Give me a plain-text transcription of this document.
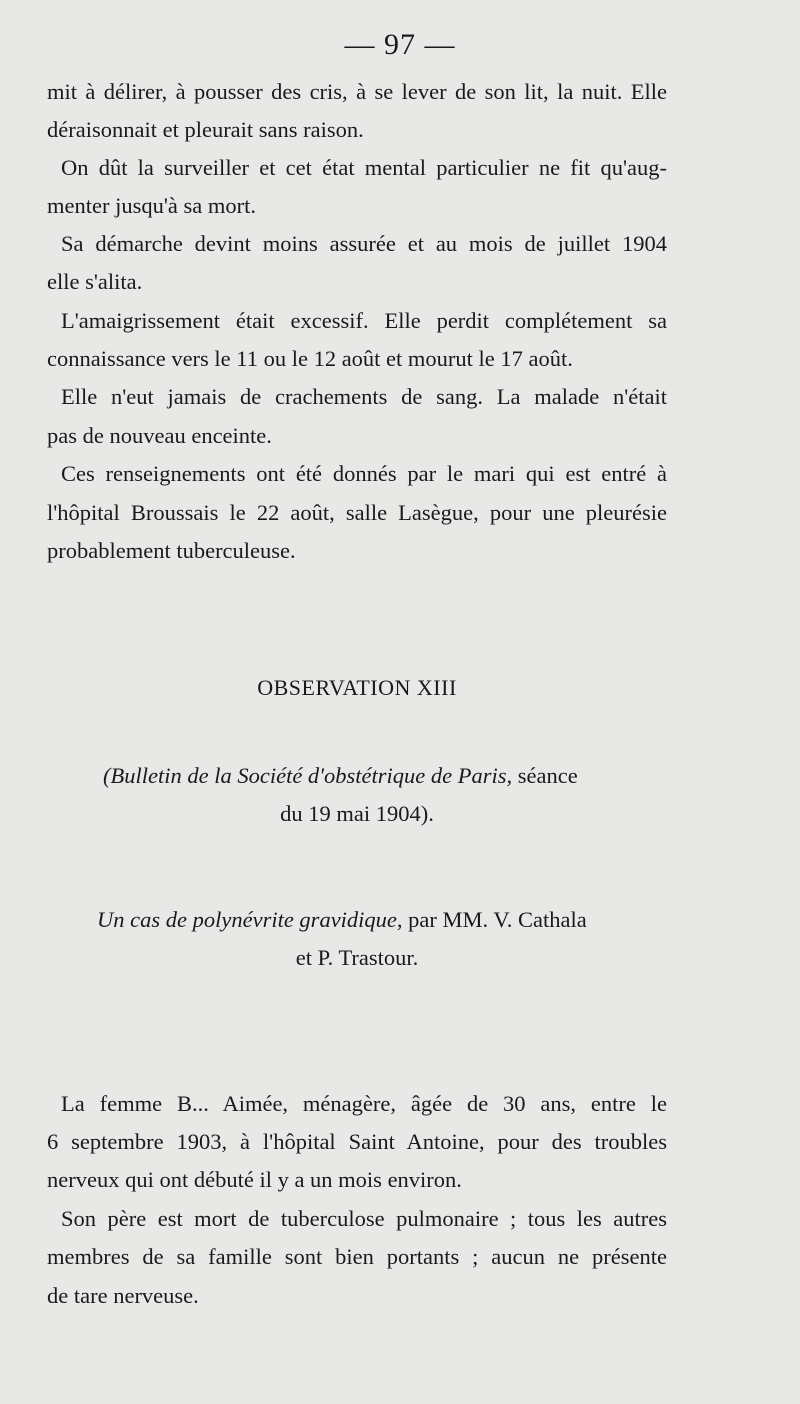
— 97 —
mit à délirer, à pousser des cris, à se lever de son lit, la nuit. Elle
déraisonnait et pleurait sans raison.
On dût la surveiller et cet état mental particulier ne fit qu'aug-
menter jusqu'à sa mort.
Sa démarche devint moins assurée et au mois de juillet 1904
elle s'alita.
L'amaigrissement était excessif. Elle perdit complétement sa
connaissance vers le 11 ou le 12 août et mourut le 17 août.
Elle n'eut jamais de crachements de sang. La malade n'était
pas de nouveau enceinte.
Ces renseignements ont été donnés par le mari qui est entré à
l'hôpital Broussais le 22 août, salle Lasègue, pour une pleurésie
probablement tuberculeuse.
OBSERVATION XIII
(Bulletin de la Société d'obstétrique de Paris, séance
du 19 mai 1904).
Un cas de polynévrite gravidique, par MM. V. Cathala
et P. Trastour.
La femme B... Aimée, ménagère, âgée de 30 ans, entre le
6 septembre 1903, à l'hôpital Saint Antoine, pour des troubles
nerveux qui ont débuté il y a un mois environ.
Son père est mort de tuberculose pulmonaire ; tous les autres
membres de sa famille sont bien portants ; aucun ne présente
de tare nerveuse.
